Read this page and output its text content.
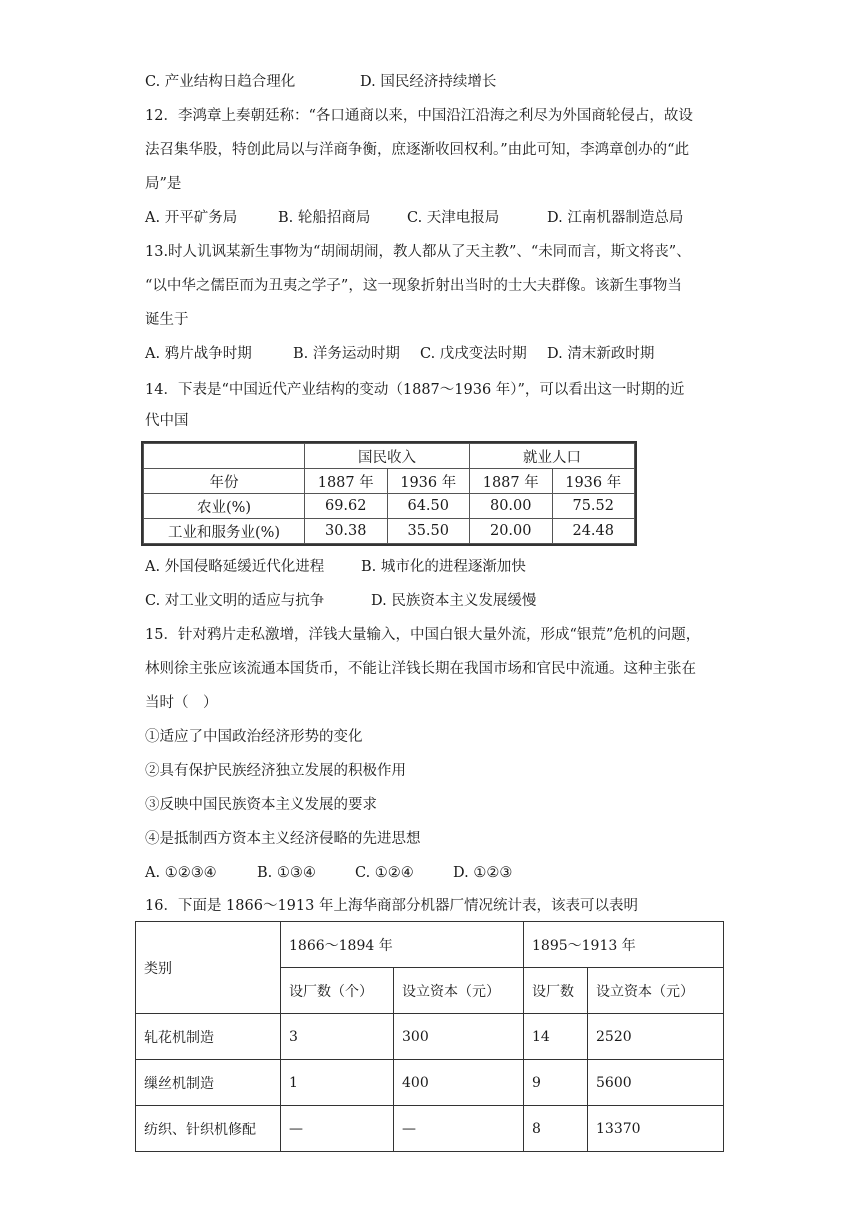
C. 产业结构日趋合理化	D. 国民经济持续增长
12．李鸿章上奏朝廷称：“各口通商以来，中国沿江沿海之利尽为外国商轮侵占，故设
法召集华股，特创此局以与洋商争衡，庶逐渐收回权利。”由此可知，李鸿章创办的“此
局”是
A. 开平矿务局	B. 轮船招商局	C. 天津电报局	D. 江南机器制造总局
13.时人讥讽某新生事物为“胡闹胡闹，教人都从了天主教”、“未同而言，斯文将丧”、
“以中华之儒臣而为丑夷之学子”，这一现象折射出当时的士大夫群像。该新生事物当
诞生于
A. 鸦片战争时期	B. 洋务运动时期 C. 戊戌变法时期 D. 清末新政时期
14．下表是“中国近代产业结构的变动（1887～1936 年）”，可以看出这一时期的近
代中国
	国民收入		就业人口	
年份	1887 年	1936 年	1887 年	1936 年
农业(%)	69.62	64.50	80.00	75.52
工业和服务业(%)	30.38	35.50	20.00	24.48
A. 外国侵略延缓近代化进程	B. 城市化的进程逐渐加快
C. 对工业文明的适应与抗争	D. 民族资本主义发展缓慢
15．针对鸦片走私激增，洋钱大量输入，中国白银大量外流，形成“银荒”危机的问题，
林则徐主张应该流通本国货币，不能让洋钱长期在我国市场和官民中流通。这种主张在
当时（　）
①适应了中国政治经济形势的变化
②具有保护民族经济独立发展的积极作用
③反映中国民族资本主义发展的要求
④是抵制西方资本主义经济侵略的先进思想
A. ①②③④	B. ①③④	C. ①②④	D. ①②③
16．下面是 1866～1913 年上海华商部分机器厂情况统计表，该表可以表明
类别	1866～1894 年		1895～1913 年	
	设厂数（个）	设立资本（元）	设厂数	设立资本（元）
轧花机制造	3	300	14	2520
缫丝机制造	1	400	9	5600
纺织、针织机修配	—	—	8	13370
